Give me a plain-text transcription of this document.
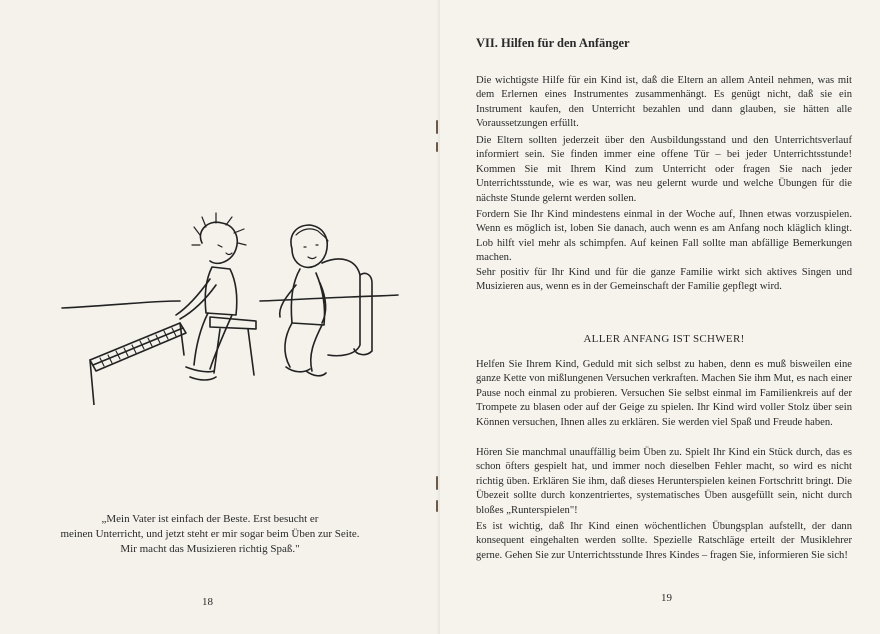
„Mein Vater ist einfach der Beste. Erst besucht er
meinen Unterricht, und jetzt steht er mir sogar beim Üben zur Seite.
Mir macht das Musizieren richtig Spaß."
18
VII. Hilfen für den Anfänger
Die wichtigste Hilfe für ein Kind ist, daß die Eltern an allem Anteil nehmen, was mit dem Erlernen eines Instrumentes zusammenhängt. Es genügt nicht, daß sie ein Instrument kaufen, den Unterricht bezahlen und dann glauben, sie hätten alle Voraussetzungen erfüllt.
Die Eltern sollten jederzeit über den Ausbildungsstand und den Unterrichtsverlauf informiert sein. Sie finden immer eine offene Tür – bei jeder Unterrichtsstunde! Kommen Sie mit Ihrem Kind zum Unterricht oder fragen Sie nach jeder Unterrichtsstunde, wie es war, was neu gelernt wurde und welche Übungen für die nächste Stunde gelernt werden sollen.
Fordern Sie Ihr Kind mindestens einmal in der Woche auf, Ihnen etwas vorzuspielen. Wenn es möglich ist, loben Sie danach, auch wenn es am Anfang noch kläglich klingt. Lob hilft viel mehr als schimpfen. Auf keinen Fall sollte man abfällige Bemerkungen machen.
Sehr positiv für Ihr Kind und für die ganze Familie wirkt sich aktives Singen und Musizieren aus, wenn es in der Gemeinschaft der Familie gepflegt wird.
ALLER ANFANG IST SCHWER!
Helfen Sie Ihrem Kind, Geduld mit sich selbst zu haben, denn es muß bisweilen eine ganze Kette von mißlungenen Versuchen verkraften. Machen Sie ihm Mut, es nach einer Pause noch einmal zu probieren. Versuchen Sie selbst einmal im Familienkreis auf der Trompete zu blasen oder auf der Geige zu spielen. Ihr Kind wird voller Stolz über sein Können versuchen, Ihnen alles zu erklären. Sie werden viel Spaß und Freude haben.
Hören Sie manchmal unauffällig beim Üben zu. Spielt Ihr Kind ein Stück durch, das es schon öfters gespielt hat, und immer noch dieselben Fehler macht, so wird es nicht richtig üben. Erklären Sie ihm, daß dieses Herunterspielen keinen Fortschritt bringt. Die Übezeit sollte durch konzentriertes, systematisches Üben ausgefüllt sein, nicht durch bloßes „Runterspielen"!
Es ist wichtig, daß Ihr Kind einen wöchentlichen Übungsplan aufstellt, der dann konsequent eingehalten werden sollte. Spezielle Ratschläge erteilt der Musiklehrer gerne. Gehen Sie zur Unterrichtsstunde Ihres Kindes – fragen Sie, informieren Sie sich!
19
